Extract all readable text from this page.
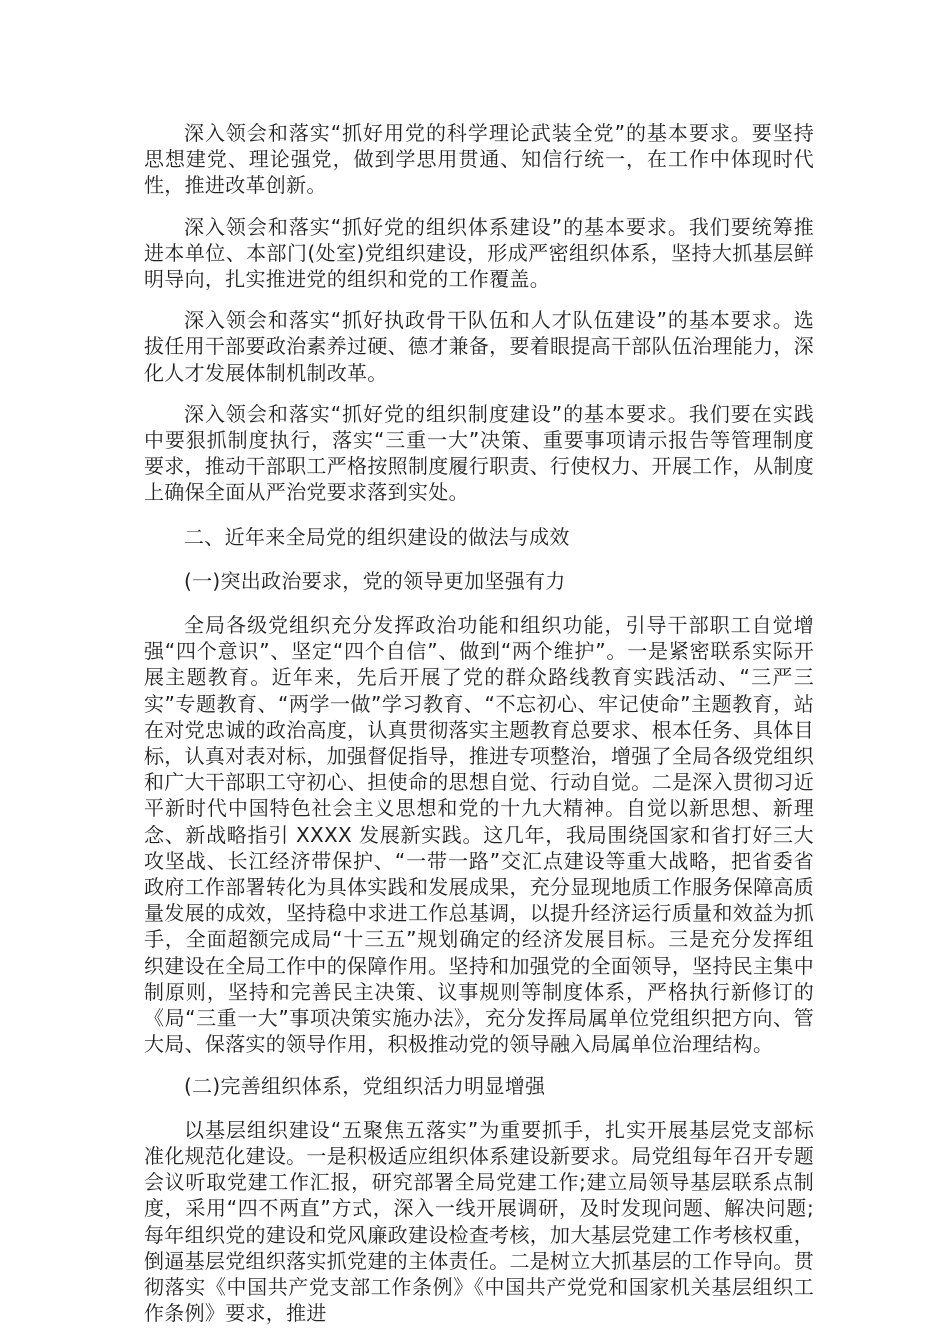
深入领会和落实“抓好用党的科学理论武装全党”的基本要求。要坚持思想建党、理论强党，做到学思用贯通、知信行统一，在工作中体现时代性，推进改革创新。

深入领会和落实“抓好党的组织体系建设”的基本要求。我们要统筹推进本单位、本部门(处室)党组织建设，形成严密组织体系，坚持大抓基层鲜明导向，扎实推进党的组织和党的工作覆盖。

深入领会和落实“抓好执政骨干队伍和人才队伍建设”的基本要求。选拔任用干部要政治素养过硬、德才兼备，要着眼提高干部队伍治理能力，深化人才发展体制机制改革。

深入领会和落实“抓好党的组织制度建设”的基本要求。我们要在实践中要狠抓制度执行，落实“三重一大”决策、重要事项请示报告等管理制度要求，推动干部职工严格按照制度履行职责、行使权力、开展工作，从制度上确保全面从严治党要求落到实处。

二、近年来全局党的组织建设的做法与成效

(一)突出政治要求，党的领导更加坚强有力

全局各级党组织充分发挥政治功能和组织功能，引导干部职工自觉增强“四个意识”、坚定“四个自信”、做到“两个维护”。一是紧密联系实际开展主题教育。近年来，先后开展了党的群众路线教育实践活动、“三严三实”专题教育、“两学一做”学习教育、“不忘初心、牢记使命”主题教育，站在对党忠诚的政治高度，认真贯彻落实主题教育总要求、根本任务、具体目标，认真对表对标，加强督促指导，推进专项整治，增强了全局各级党组织和广大干部职工守初心、担使命的思想自觉、行动自觉。二是深入贯彻习近平新时代中国特色社会主义思想和党的十九大精神。自觉以新思想、新理念、新战略指引 XXXX 发展新实践。这几年，我局围绕国家和省打好三大攻坚战、长江经济带保护、“一带一路”交汇点建设等重大战略，把省委省政府工作部署转化为具体实践和发展成果，充分显现地质工作服务保障高质量发展的成效，坚持稳中求进工作总基调，以提升经济运行质量和效益为抓手，全面超额完成局“十三五”规划确定的经济发展目标。三是充分发挥组织建设在全局工作中的保障作用。坚持和加强党的全面领导，坚持民主集中制原则，坚持和完善民主决策、议事规则等制度体系，严格执行新修订的《局“三重一大”事项决策实施办法》，充分发挥局属单位党组织把方向、管大局、保落实的领导作用，积极推动党的领导融入局属单位治理结构。

(二)完善组织体系，党组织活力明显增强

以基层组织建设“五聚焦五落实”为重要抓手，扎实开展基层党支部标准化规范化建设。一是积极适应组织体系建设新要求。局党组每年召开专题会议听取党建工作汇报，研究部署全局党建工作;建立局领导基层联系点制度，采用“四不两直”方式，深入一线开展调研，及时发现问题、解决问题;每年组织党的建设和党风廉政建设检查考核，加大基层党建工作考核权重，倒逼基层党组织落实抓党建的主体责任。二是树立大抓基层的工作导向。贯彻落实《中国共产党支部工作条例》《中国共产党党和国家机关基层组织工作条例》要求，推进
